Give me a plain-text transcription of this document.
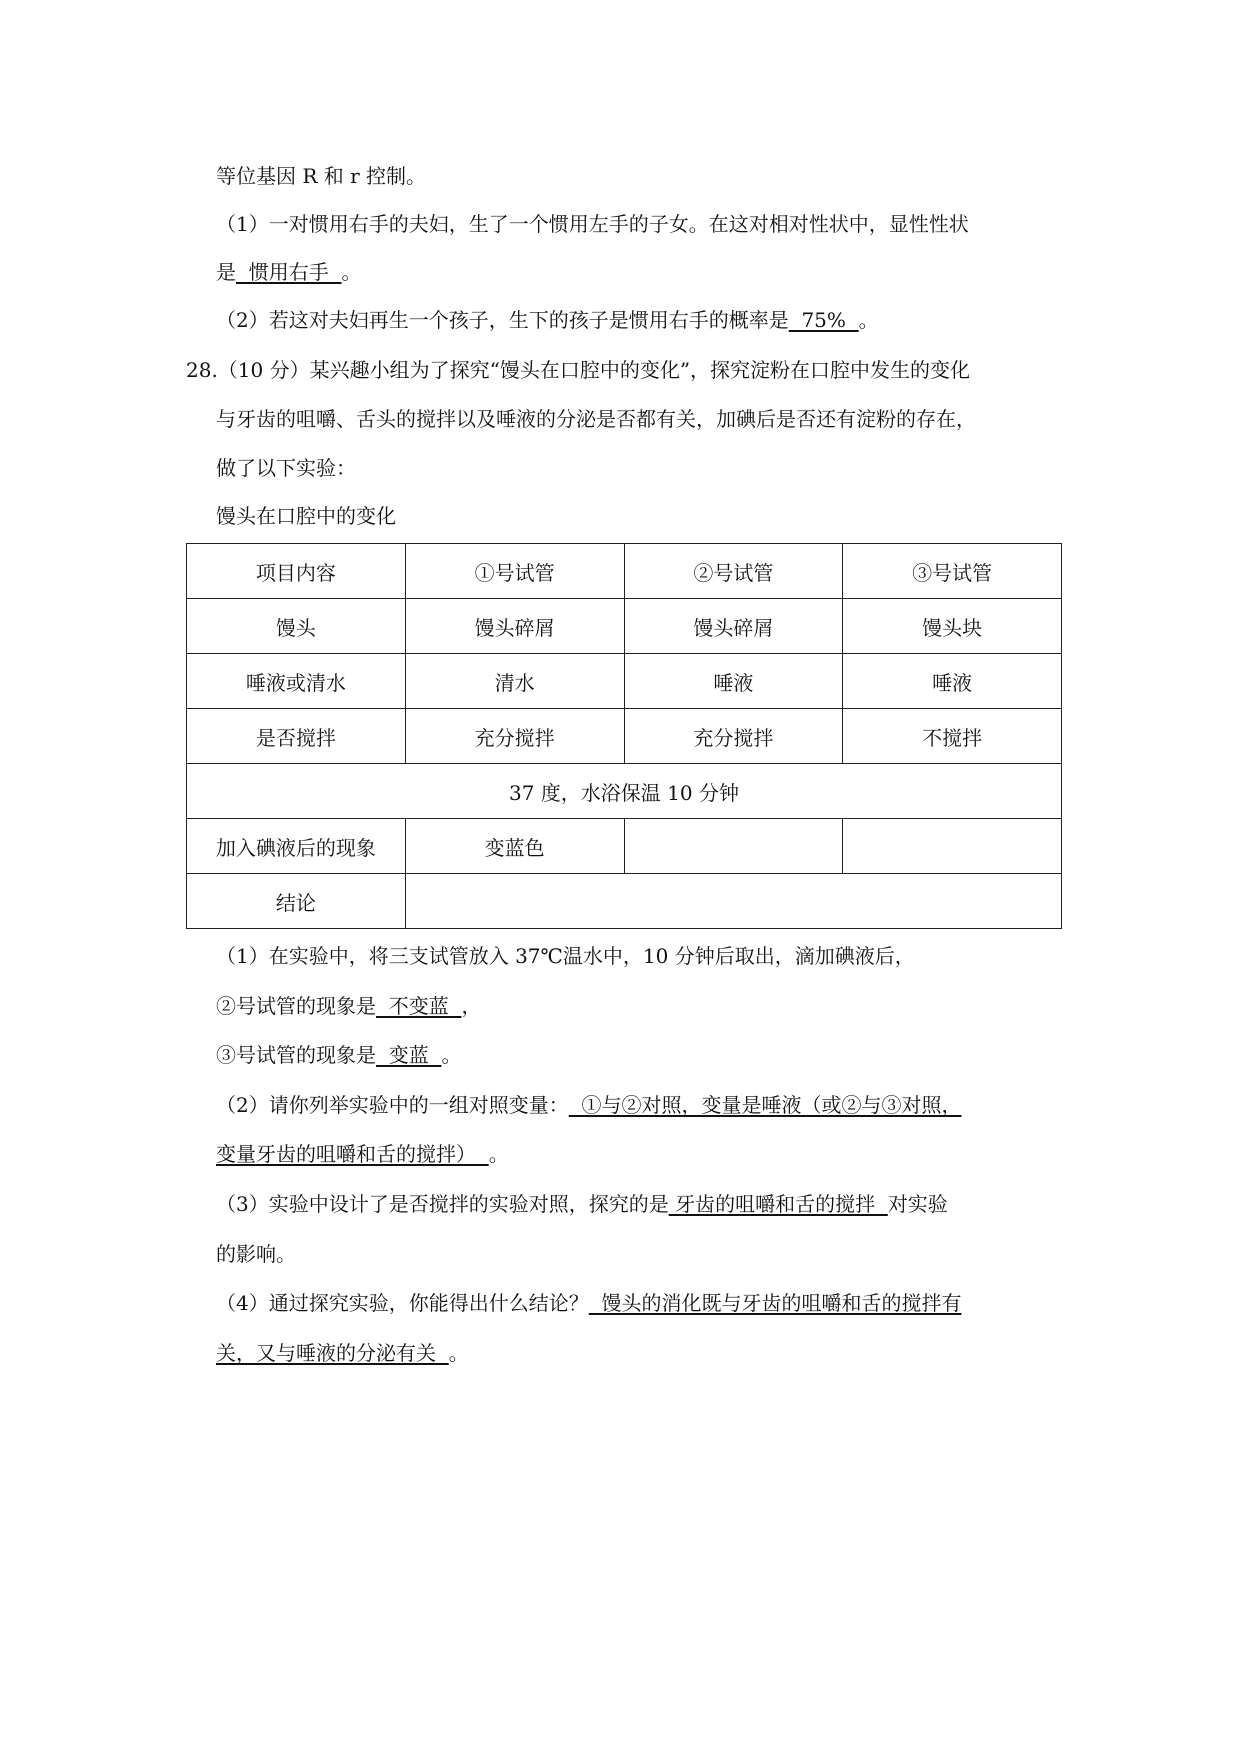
等位基因 R 和 r 控制。
（1）一对惯用右手的夫妇，生了一个惯用左手的子女。在这对相对性状中，显性性状
是  惯用右手  。
（2）若这对夫妇再生一个孩子，生下的孩子是惯用右手的概率是  75%  。
28.（10 分）某兴趣小组为了探究“馒头在口腔中的变化”，探究淀粉在口腔中发生的变化
与牙齿的咀嚼、舌头的搅拌以及唾液的分泌是否都有关，加碘后是否还有淀粉的存在，
做了以下实验：
馒头在口腔中的变化
项目内容	①号试管	②号试管	③号试管
馒头	馒头碎屑	馒头碎屑	馒头块
唾液或清水	清水	唾液	唾液
是否搅拌	充分搅拌	充分搅拌	不搅拌
37 度，水浴保温 10 分钟			
加入碘液后的现象	变蓝色		
结论			
（1）在实验中，将三支试管放入 37℃温水中，10 分钟后取出，滴加碘液后，
②号试管的现象是  不变蓝  ，
③号试管的现象是  变蓝  。
（2）请你列举实验中的一组对照变量：  ①与②对照，变量是唾液（或②与③对照，
变量牙齿的咀嚼和舌的搅拌）  。
（3）实验中设计了是否搅拌的实验对照，探究的是 牙齿的咀嚼和舌的搅拌  对实验
的影响。
（4）通过探究实验，你能得出什么结论？  馒头的消化既与牙齿的咀嚼和舌的搅拌有
关，又与唾液的分泌有关  。
